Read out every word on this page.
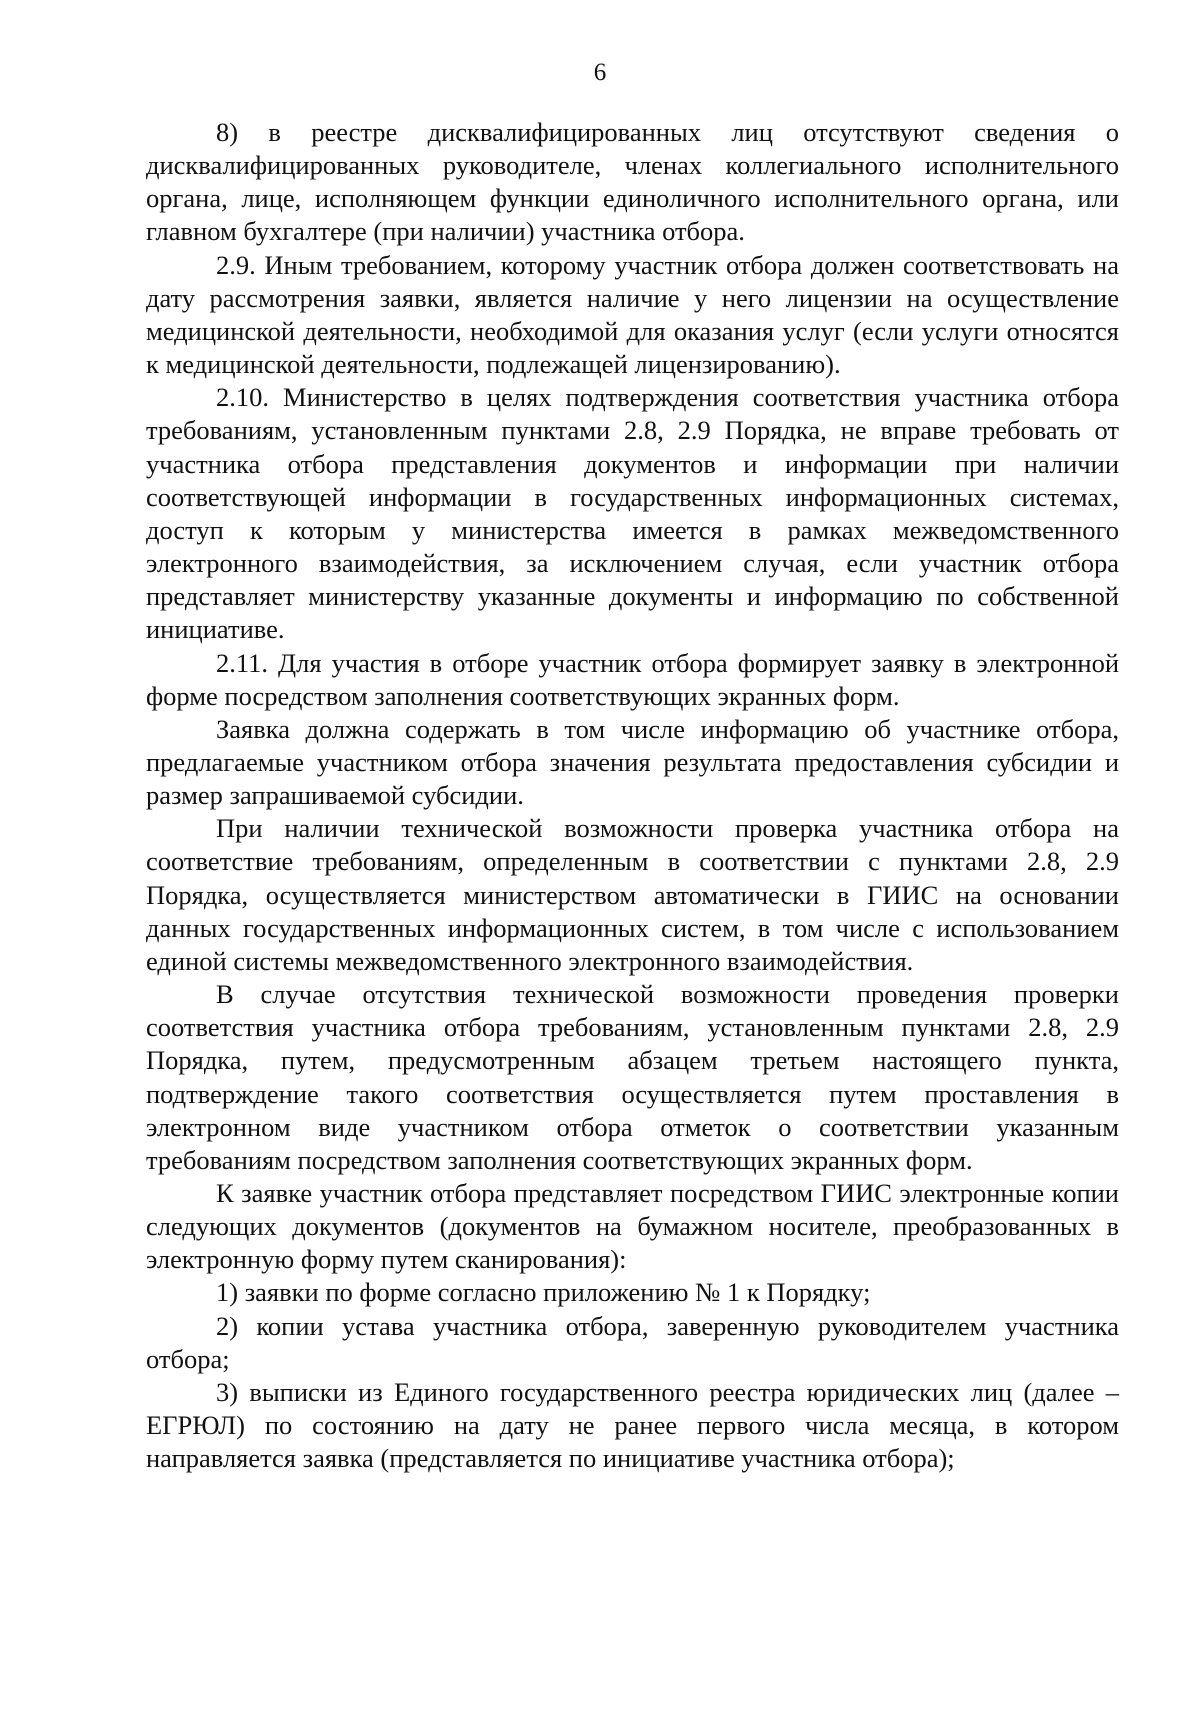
6

8) в реестре дисквалифицированных лиц отсутствуют сведения о дисквалифицированных руководителе, членах коллегиального исполнительного органа, лице, исполняющем функции единоличного исполнительного органа, или главном бухгалтере (при наличии) участника отбора.

2.9. Иным требованием, которому участник отбора должен соответствовать на дату рассмотрения заявки, является наличие у него лицензии на осуществление медицинской деятельности, необходимой для оказания услуг (если услуги относятся к медицинской деятельности, подлежащей лицензированию).

2.10. Министерство в целях подтверждения соответствия участника отбора требованиям, установленным пунктами 2.8, 2.9 Порядка, не вправе требовать от участника отбора представления документов и информации при наличии соответствующей информации в государственных информационных системах, доступ к которым у министерства имеется в рамках межведомственного электронного взаимодействия, за исключением случая, если участник отбора представляет министерству указанные документы и информацию по собственной инициативе.

2.11. Для участия в отборе участник отбора формирует заявку в электронной форме посредством заполнения соответствующих экранных форм.

Заявка должна содержать в том числе информацию об участнике отбора, предлагаемые участником отбора значения результата предоставления субсидии и размер запрашиваемой субсидии.

При наличии технической возможности проверка участника отбора на соответствие требованиям, определенным в соответствии с пунктами 2.8, 2.9 Порядка, осуществляется министерством автоматически в ГИИС на основании данных государственных информационных систем, в том числе с использованием единой системы межведомственного электронного взаимодействия.

В случае отсутствия технической возможности проведения проверки соответствия участника отбора требованиям, установленным пунктами 2.8, 2.9 Порядка, путем, предусмотренным абзацем третьем настоящего пункта, подтверждение такого соответствия осуществляется путем проставления в электронном виде участником отбора отметок о соответствии указанным требованиям посредством заполнения соответствующих экранных форм.

К заявке участник отбора представляет посредством ГИИС электронные копии следующих документов (документов на бумажном носителе, преобразованных в электронную форму путем сканирования):

1) заявки по форме согласно приложению № 1 к Порядку;

2) копии устава участника отбора, заверенную руководителем участника отбора;

3) выписки из Единого государственного реестра юридических лиц (далее – ЕГРЮЛ) по состоянию на дату не ранее первого числа месяца, в котором направляется заявка (представляется по инициативе участника отбора);
